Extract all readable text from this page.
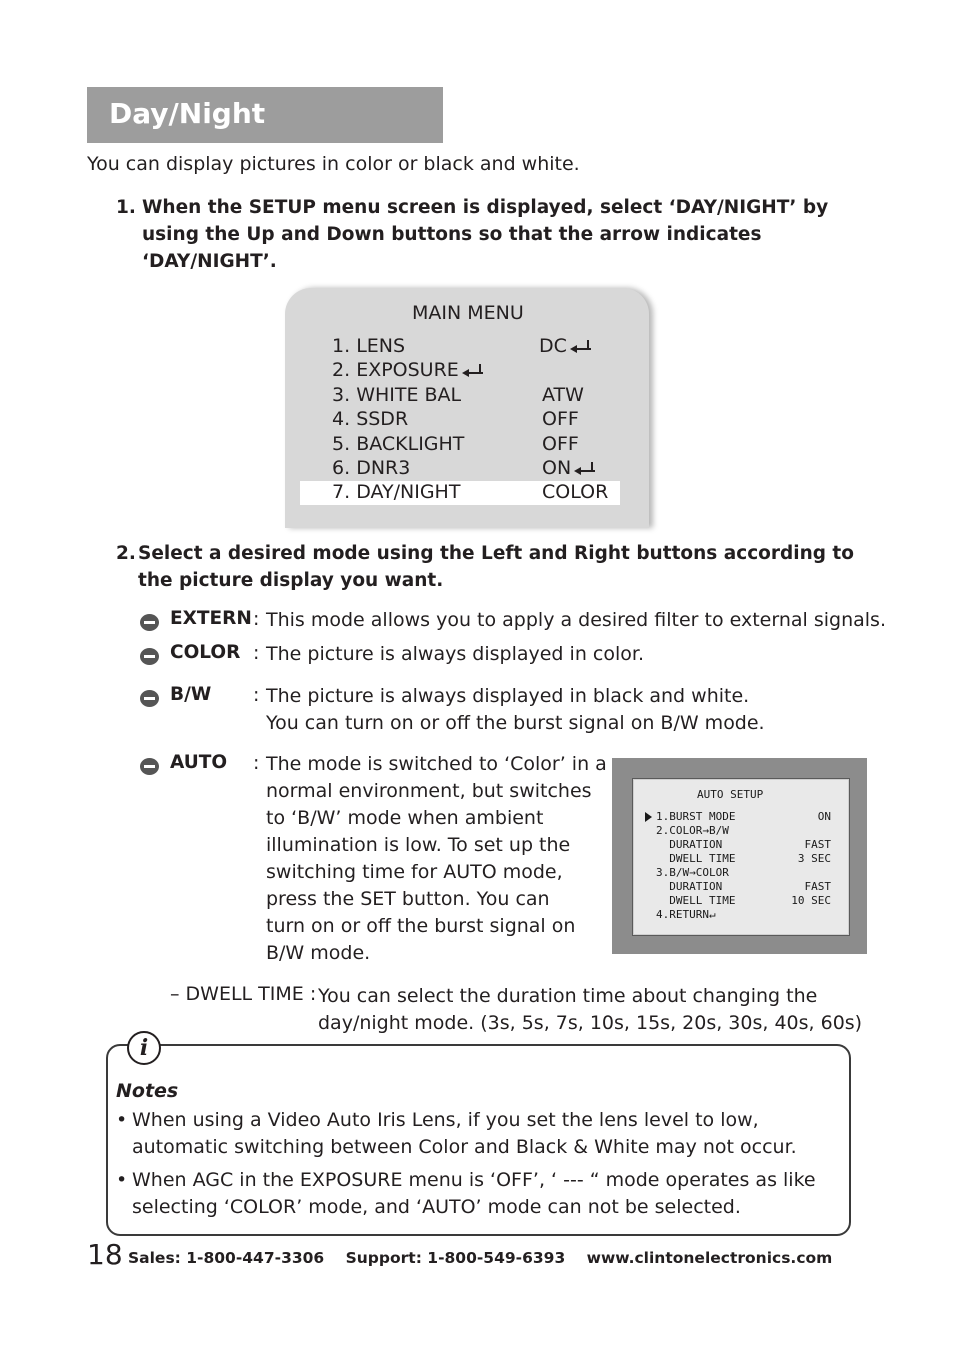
Day/Night
You can display pictures in color or black and white.
1. When the SETUP menu screen is displayed, select ‘DAY/NIGHT’ by using the Up and Down buttons so that the arrow indicates ‘DAY/NIGHT’.
MAIN MENU
1. LENS	DC
2. EXPOSURE
3. WHITE BAL	ATW
4. SSDR	OFF
5. BACKLIGHT	OFF
6. DNR3	ON
7. DAY/NIGHT	COLOR
2. Select a desired mode using the Left and Right buttons according to the picture display you want.
EXTERN : This mode allows you to apply a desired filter to external signals.
COLOR : The picture is always displayed in color.
B/W : The picture is always displayed in black and white.
You can turn on or off the burst signal on B/W mode.
AUTO : The mode is switched to ‘Color’ in a
normal environment, but switches
to ‘B/W’ mode when ambient
illumination is low. To set up the
switching time for AUTO mode,
press the SET button. You can
turn on or off the burst signal on
B/W mode.
AUTO SETUP
1.BURST MODE	ON
2.COLOR→B/W
DURATION	FAST
DWELL TIME	3 SEC
3.B/W→COLOR
DURATION	FAST
DWELL TIME	10 SEC
4.RETURN↵
– DWELL TIME : You can select the duration time about changing the
day/night mode. (3s, 5s, 7s, 10s, 15s, 20s, 30s, 40s, 60s)
i
Notes
• When using a Video Auto Iris Lens, if you set the lens level to low, automatic switching between Color and Black & White may not occur.
• When AGC in the EXPOSURE menu is ‘OFF’, ‘ --- “ mode operates as like selecting ‘COLOR’ mode, and ‘AUTO’ mode can not be selected.
18 Sales: 1-800-447-3306 Support: 1-800-549-6393 www.clintonelectronics.com
